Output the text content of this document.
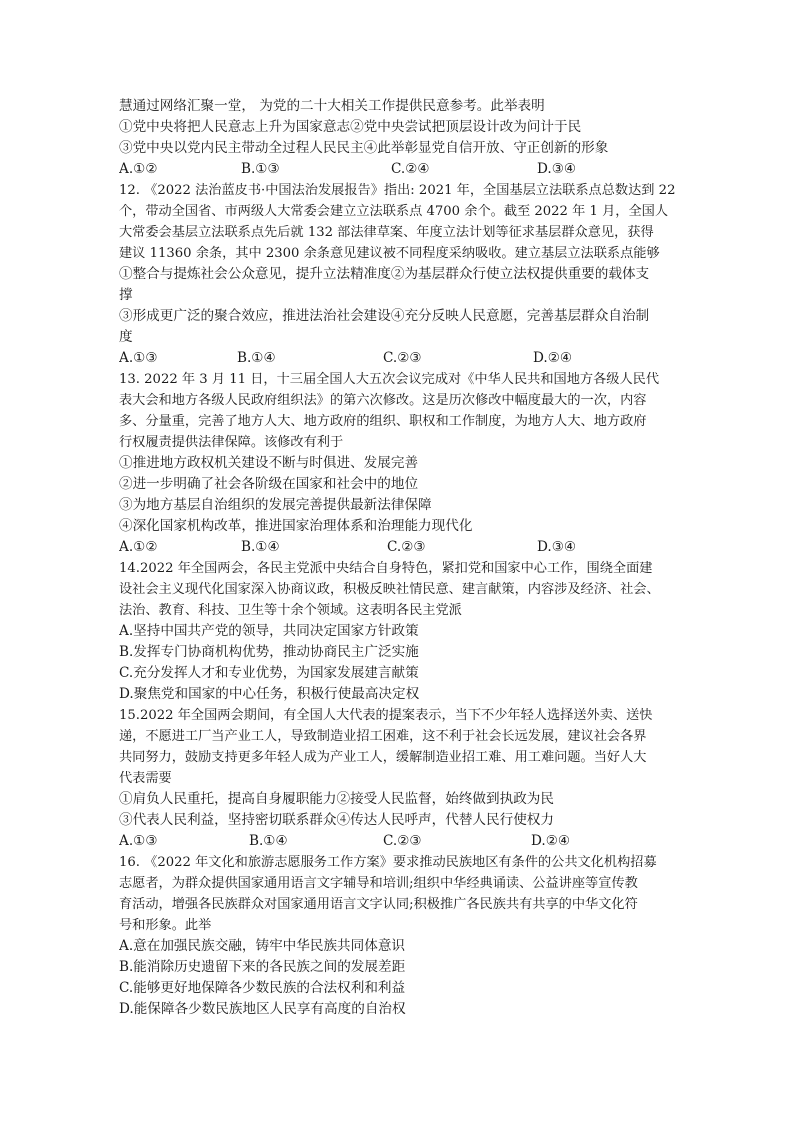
慧通过网络汇聚一堂， 为党的二十大相关工作提供民意参考。此举表明
①党中央将把人民意志上升为国家意志②党中央尝试把顶层设计改为问计于民
③党中央以党内民主带动全过程人民民主④此举彰显党自信开放、守正创新的形象
A.①②	B.①③	C.②④	D.③④
12. 《2022 法治蓝皮书·中国法治发展报告》指出: 2021 年，全国基层立法联系点总数达到 22
个，带动全国省、市两级人大常委会建立立法联系点 4700 余个。截至 2022 年 1 月，全国人
大常委会基层立法联系点先后就 132 部法律草案、年度立法计划等征求基层群众意见，获得
建议 11360 余条，其中 2300 余条意见建议被不同程度采纳吸收。建立基层立法联系点能够
①整合与提炼社会公众意见，提升立法精准度②为基层群众行使立法权提供重要的载体支
撑
③形成更广泛的聚合效应，推进法治社会建设④充分反映人民意愿，完善基层群众自治制
度
A.①③	B.①④	C.②③	D.②④
13. 2022 年 3 月 11 日，十三届全国人大五次会议完成对《中华人民共和国地方各级人民代
表大会和地方各级人民政府组织法》的第六次修改。这是历次修改中幅度最大的一次，内容
多、分量重，完善了地方人大、地方政府的组织、职权和工作制度，为地方人大、地方政府
行权履责提供法律保障。该修改有利于
①推进地方政权机关建设不断与时俱进、发展完善
②进一步明确了社会各阶级在国家和社会中的地位
③为地方基层自治组织的发展完善提供最新法律保障
④深化国家机构改革，推进国家治理体系和治理能力现代化
A.①②	B.①④	C.②③	D.③④
14.2022 年全国两会，各民主党派中央结合自身特色，紧扣党和国家中心工作，围绕全面建
设社会主义现代化国家深入协商议政，积极反映社情民意、建言献策，内容涉及经济、社会、
法治、教育、科技、卫生等十余个领域。这表明各民主党派
A.坚持中国共产党的领导，共同决定国家方针政策
B.发挥专门协商机构优势，推动协商民主广泛实施
C.充分发挥人才和专业优势，为国家发展建言献策
D.聚焦党和国家的中心任务，积极行使最高决定权
15.2022 年全国两会期间，有全国人大代表的提案表示，当下不少年轻人选择送外卖、送快
递，不愿进工厂当产业工人，导致制造业招工困难，这不利于社会长远发展，建议社会各界
共同努力，鼓励支持更多年轻人成为产业工人，缓解制造业招工难、用工难问题。当好人大
代表需要
①肩负人民重托，提高自身履职能力②接受人民监督，始终做到执政为民
③代表人民利益，坚持密切联系群众④传达人民呼声，代替人民行使权力
A.①③	B.①④	C.②③	D.②④
16. 《2022 年文化和旅游志愿服务工作方案》要求推动民族地区有条件的公共文化机构招募
志愿者，为群众提供国家通用语言文字辅导和培训;组织中华经典诵读、公益讲座等宣传教
育活动，增强各民族群众对国家通用语言文字认同;积极推广各民族共有共享的中华文化符
号和形象。此举
A.意在加强民族交融，铸牢中华民族共同体意识
B.能消除历史遗留下来的各民族之间的发展差距
C.能够更好地保障各少数民族的合法权利和利益
D.能保障各少数民族地区人民享有高度的自治权
